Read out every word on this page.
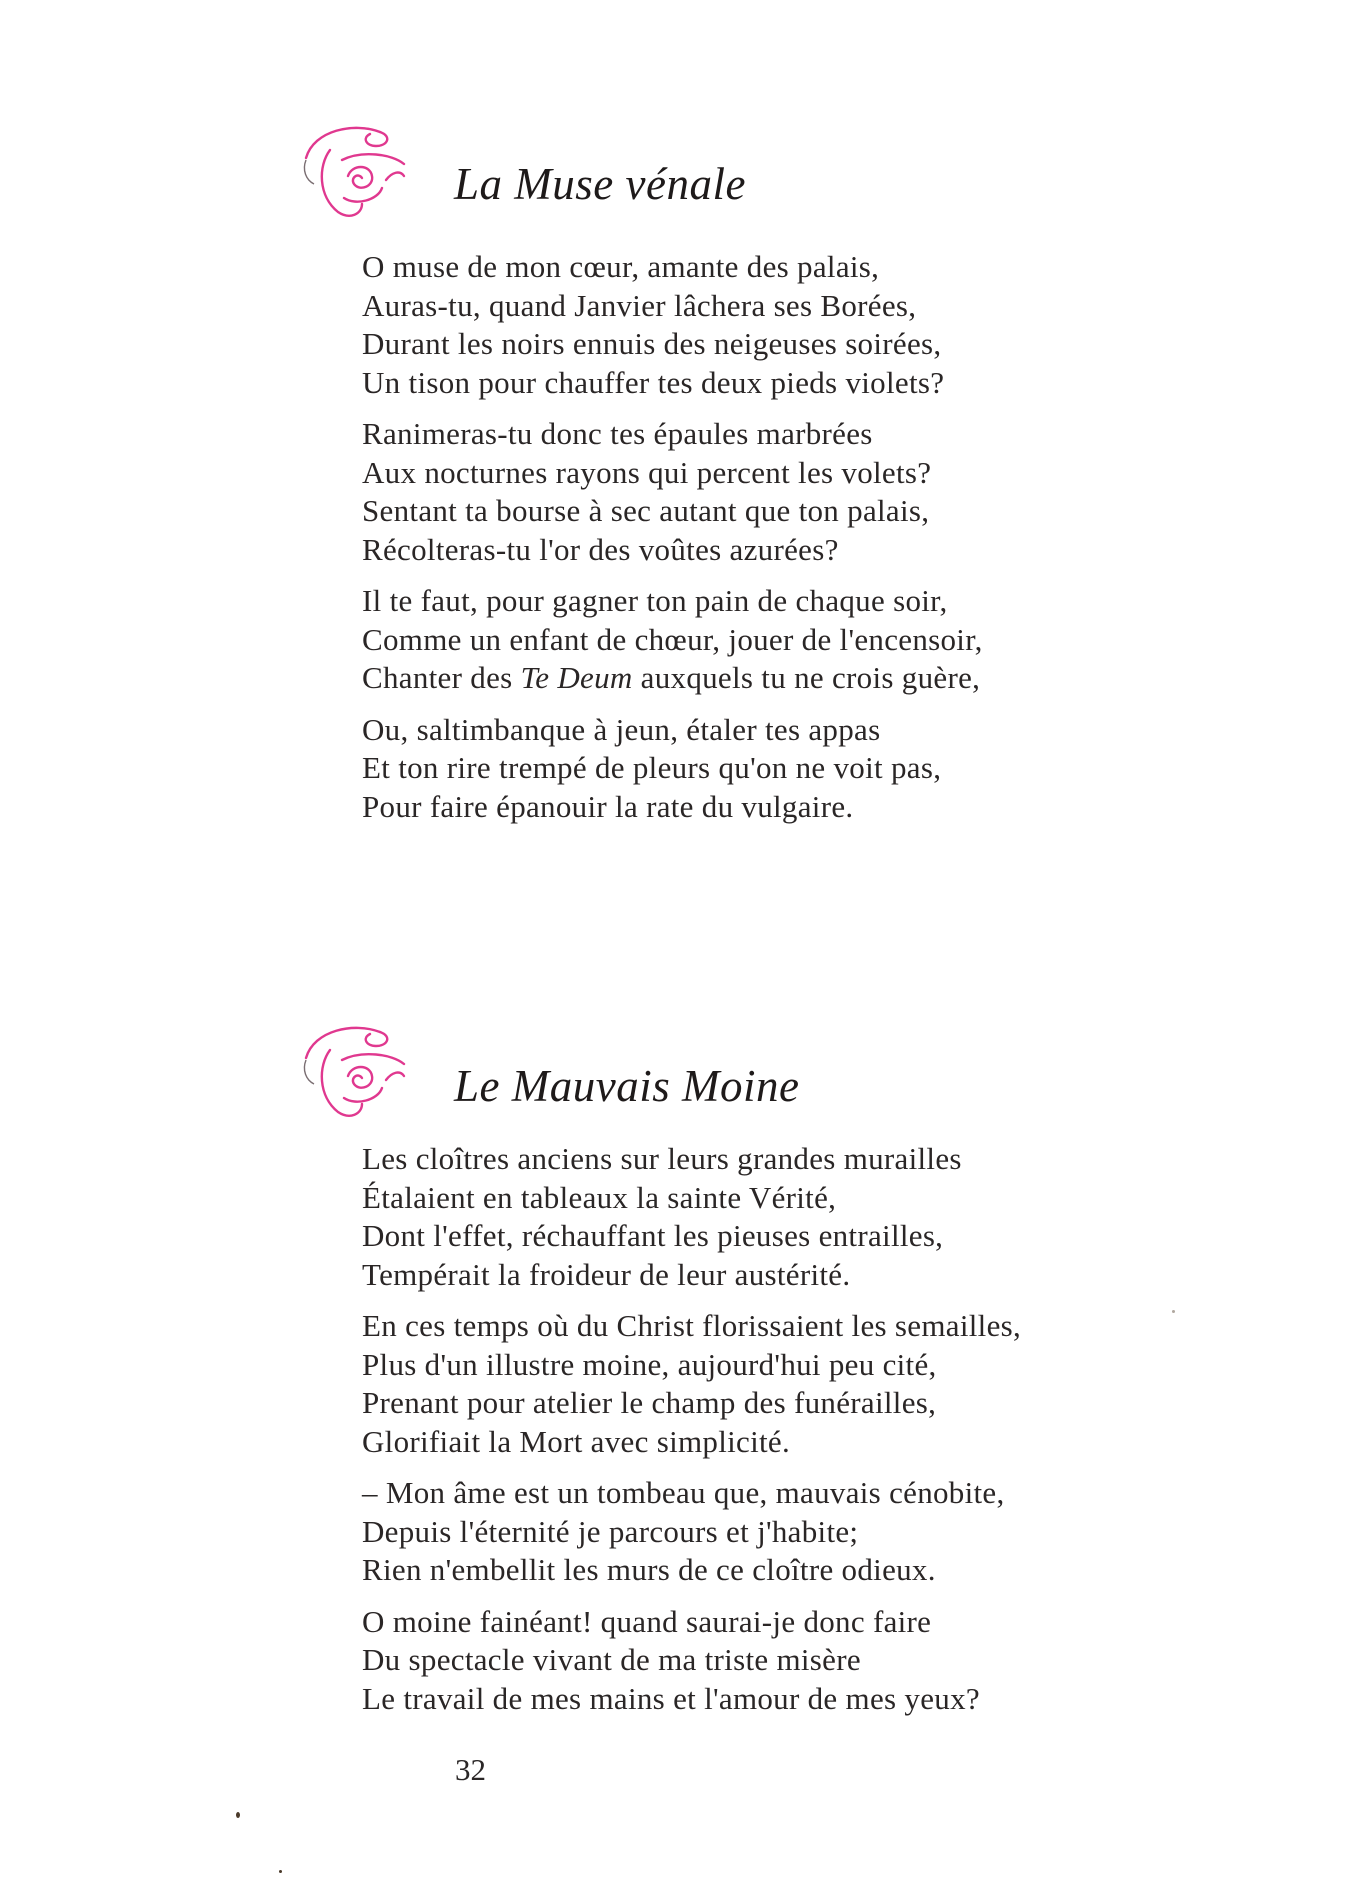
La Muse vénale
O muse de mon cœur, amante des palais,
Auras-tu, quand Janvier lâchera ses Borées,
Durant les noirs ennuis des neigeuses soirées,
Un tison pour chauffer tes deux pieds violets?
Ranimeras-tu donc tes épaules marbrées
Aux nocturnes rayons qui percent les volets?
Sentant ta bourse à sec autant que ton palais,
Récolteras-tu l'or des voûtes azurées?
Il te faut, pour gagner ton pain de chaque soir,
Comme un enfant de chœur, jouer de l'encensoir,
Chanter des Te Deum auxquels tu ne crois guère,
Ou, saltimbanque à jeun, étaler tes appas
Et ton rire trempé de pleurs qu'on ne voit pas,
Pour faire épanouir la rate du vulgaire.
Le Mauvais Moine
Les cloîtres anciens sur leurs grandes murailles
Étalaient en tableaux la sainte Vérité,
Dont l'effet, réchauffant les pieuses entrailles,
Tempérait la froideur de leur austérité.
En ces temps où du Christ florissaient les semailles,
Plus d'un illustre moine, aujourd'hui peu cité,
Prenant pour atelier le champ des funérailles,
Glorifiait la Mort avec simplicité.
– Mon âme est un tombeau que, mauvais cénobite,
Depuis l'éternité je parcours et j'habite;
Rien n'embellit les murs de ce cloître odieux.
O moine fainéant! quand saurai-je donc faire
Du spectacle vivant de ma triste misère
Le travail de mes mains et l'amour de mes yeux?
32
